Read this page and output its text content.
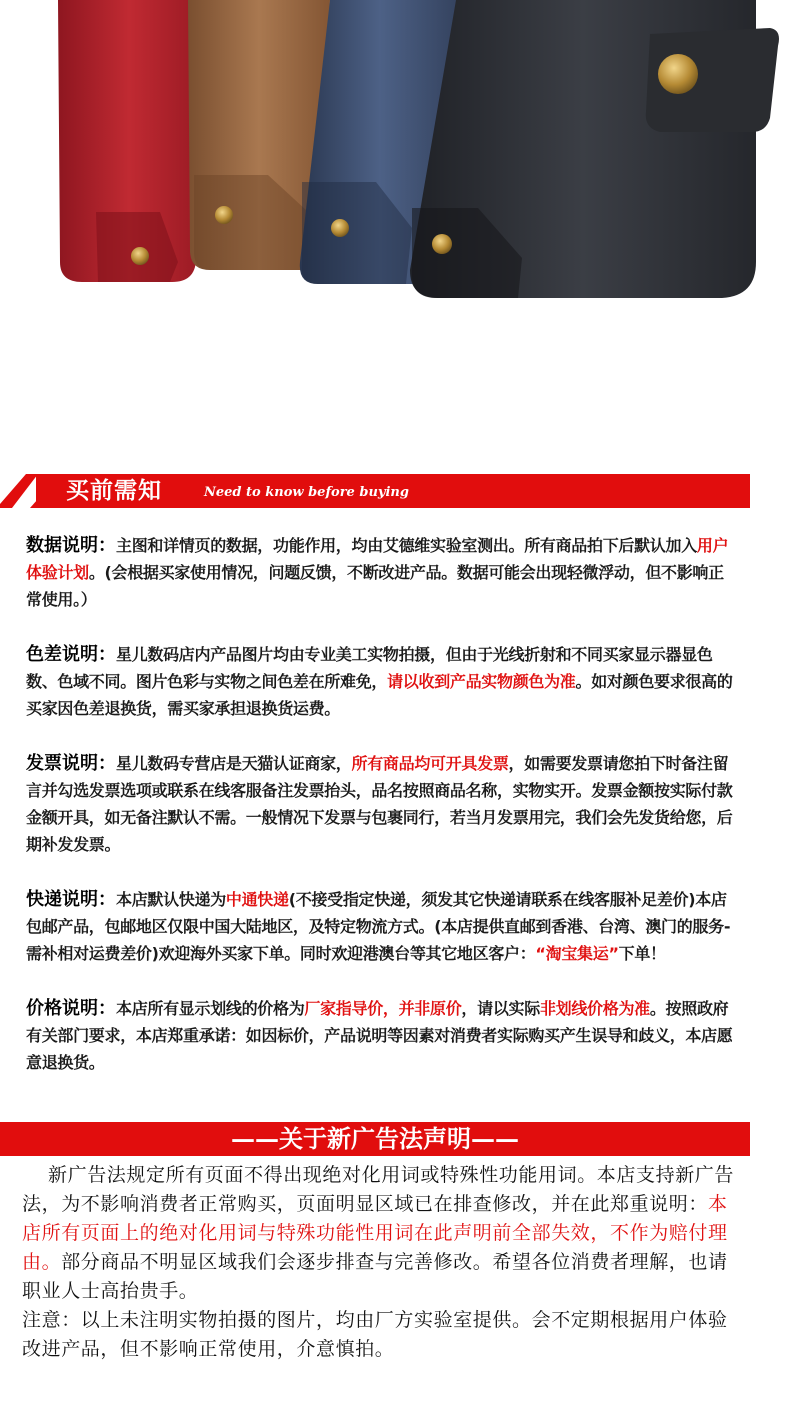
买前需知	Need to know before buying

数据说明：主图和详情页的数据，功能作用，均由艾德维实验室测出。所有商品拍下后默认加入用户体验计划。(会根据买家使用情况，问题反馈，不断改进产品。数据可能会出现轻微浮动，但不影响正常使用。）

色差说明：星儿数码店内产品图片均由专业美工实物拍摄，但由于光线折射和不同买家显示器显色数、色域不同。图片色彩与实物之间色差在所难免，请以收到产品实物颜色为准。如对颜色要求很高的买家因色差退换货，需买家承担退换货运费。

发票说明：星儿数码专营店是天猫认证商家，所有商品均可开具发票，如需要发票请您拍下时备注留言并勾选发票选项或联系在线客服备注发票抬头，品名按照商品名称，实物实开。发票金额按实际付款金额开具，如无备注默认不需。一般情况下发票与包裹同行，若当月发票用完，我们会先发货给您，后期补发发票。

快递说明：本店默认快递为中通快递(不接受指定快递，须发其它快递请联系在线客服补足差价)本店包邮产品，包邮地区仅限中国大陆地区，及特定物流方式。(本店提供直邮到香港、台湾、澳门的服务-需补相对运费差价)欢迎海外买家下单。同时欢迎港澳台等其它地区客户：“淘宝集运”下单！

价格说明：本店所有显示划线的价格为厂家指导价，并非原价，请以实际非划线价格为准。按照政府有关部门要求，本店郑重承诺：如因标价，产品说明等因素对消费者实际购买产生误导和歧义，本店愿意退换货。

——关于新广告法声明——

新广告法规定所有页面不得出现绝对化用词或特殊性功能用词。本店支持新广告法，为不影响消费者正常购买，页面明显区域已在排查修改，并在此郑重说明：本店所有页面上的绝对化用词与特殊功能性用词在此声明前全部失效，不作为赔付理由。部分商品不明显区域我们会逐步排查与完善修改。希望各位消费者理解，也请职业人士高抬贵手。

注意：以上未注明实物拍摄的图片，均由厂方实验室提供。会不定期根据用户体验改进产品，但不影响正常使用，介意慎拍。
